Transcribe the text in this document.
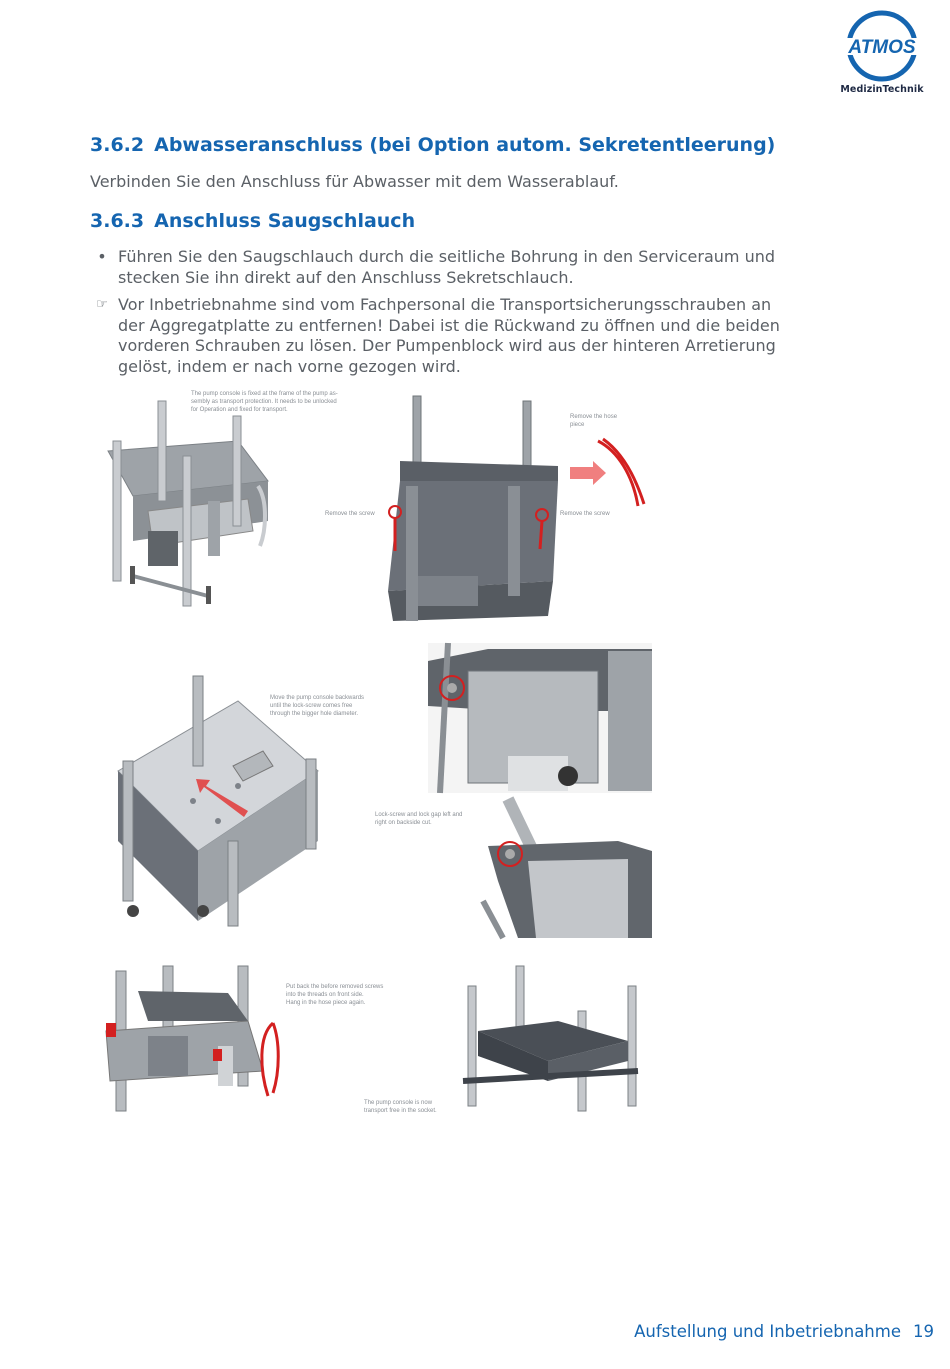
ATMOS
MedizinTechnik
3.6.2 Abwasseranschluss (bei Option autom. Sekretentleerung)

Verbinden Sie den Anschluss für Abwasser mit dem Wasserablauf.

3.6.3 Anschluss Saugschlauch
• Führen Sie den Saugschlauch durch die seitliche Bohrung in den Serviceraum und stecken Sie ihn direkt auf den Anschluss Sekretschlauch.
☞ Vor Inbetriebnahme sind vom Fachpersonal die Transportsicherungsschrauben an der Aggregatplatte zu entfernen! Dabei ist die Rückwand zu öffnen und die beiden vorderen Schrauben zu lösen. Der Pumpenblock wird aus der hinteren Arretierung gelöst, indem er nach vorne gezogen wird.
The pump console is fixed at the frame of the pump as- sembly as transport protection. It needs to be unlocked for Operation and fixed for transport.
Remove the hose piece
Remove the screw	Remove the screw
Move the pump console backwards until the lock-screw comes free through the bigger hole diameter.
Lock-screw and lock gap left and right on backside cut.
Put back the before removed screws into the threads on front side. Hang in the hose piece again.
The pump console is now transport free in the socket.
Aufstellung und Inbetriebnahme 19
